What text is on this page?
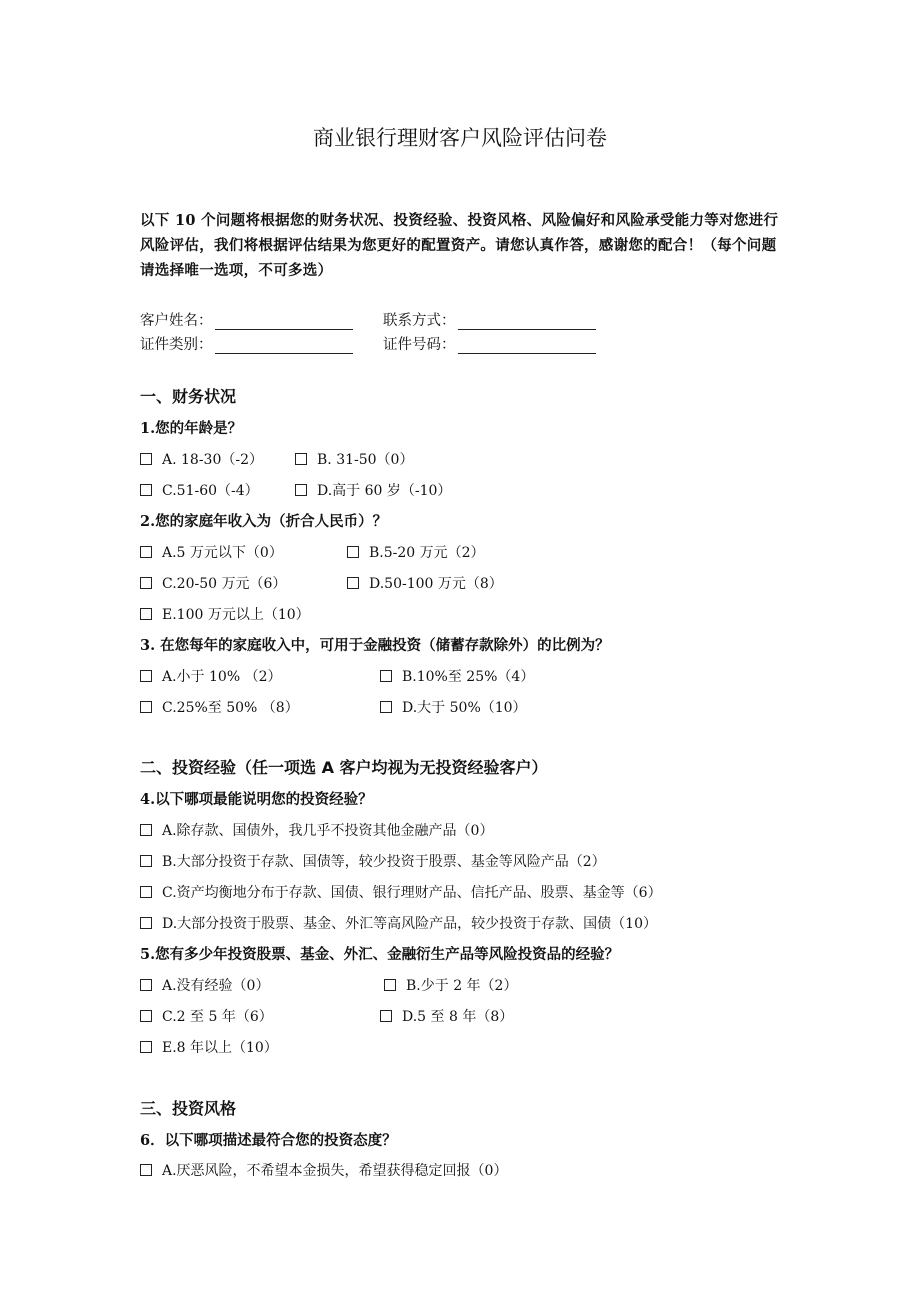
商业银行理财客户风险评估问卷
以下 10 个问题将根据您的财务状况、投资经验、投资风格、风险偏好和风险承受能力等对您进行风险评估，我们将根据评估结果为您更好的配置资产。请您认真作答，感谢您的配合！（每个问题请选择唯一选项，不可多选）
客户姓名：	联系方式：
证件类别：	证件号码：
一、财务状况
1.您的年龄是？
A. 18-30（-2）	B. 31-50（0）
C.51-60（-4）	D.高于 60 岁（-10）
2.您的家庭年收入为（折合人民币）？
A.5 万元以下（0）	B.5-20 万元（2）
C.20-50 万元（6）	D.50-100 万元（8）
E.100 万元以上（10）
3. 在您每年的家庭收入中，可用于金融投资（储蓄存款除外）的比例为？
A.小于 10% （2）	B.10%至 25%（4）
C.25%至 50% （8）	D.大于 50%（10）
二、投资经验（任一项选 A 客户均视为无投资经验客户）
4.以下哪项最能说明您的投资经验？
A.除存款、国债外，我几乎不投资其他金融产品（0）
B.大部分投资于存款、国债等，较少投资于股票、基金等风险产品（2）
C.资产均衡地分布于存款、国债、银行理财产品、信托产品、股票、基金等（6）
D.大部分投资于股票、基金、外汇等高风险产品，较少投资于存款、国债（10）
5.您有多少年投资股票、基金、外汇、金融衍生产品等风险投资品的经验？
A.没有经验（0）	B.少于 2 年（2）
C.2 至 5 年（6）	D.5 至 8 年（8）
E.8 年以上（10）
三、投资风格
6．以下哪项描述最符合您的投资态度？
A.厌恶风险，不希望本金损失，希望获得稳定回报（0）
